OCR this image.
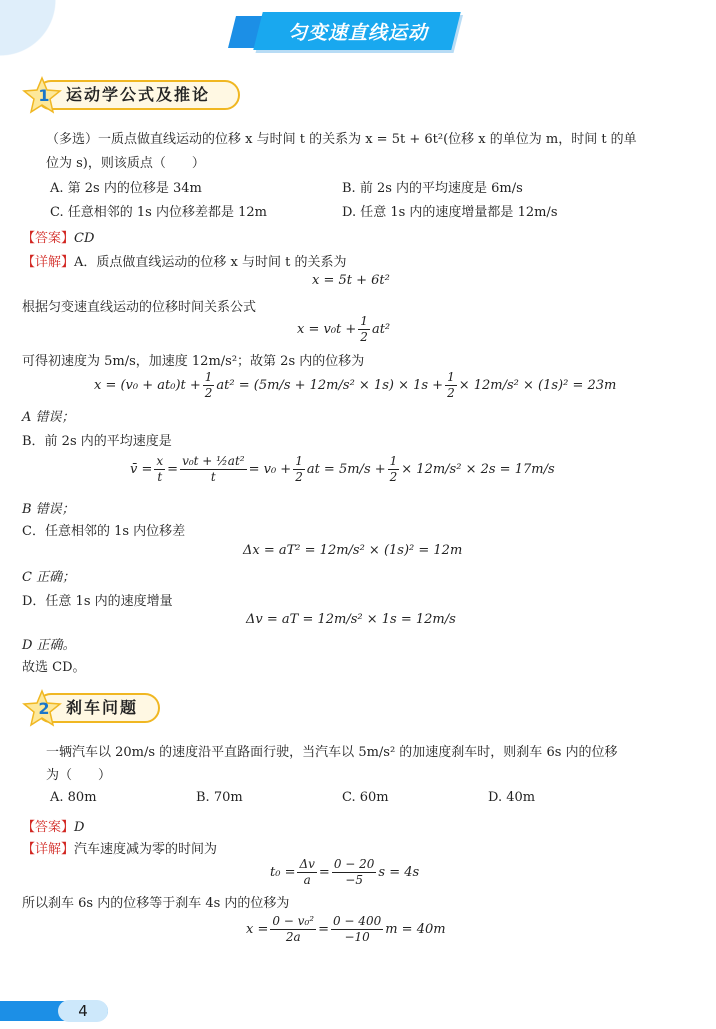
匀变速直线运动
1 运动学公式及推论
（多选）一质点做直线运动的位移 x 与时间 t 的关系为 x = 5t + 6t²(位移 x 的单位为 m，时间 t 的单
位为 s)，则该质点（　　）
A. 第 2s 内的位移是 34m	B. 前 2s 内的平均速度是 6m/s
C. 任意相邻的 1s 内位移差都是 12m	D. 任意 1s 内的速度增量都是 12m/s
【答案】CD
【详解】A．质点做直线运动的位移 x 与时间 t 的关系为
x = 5t + 6t²
根据匀变速直线运动的位移时间关系公式
$x = v_0t + \frac{1}{2} at^2$
可得初速度为 5m/s，加速度 12m/s²；故第 2s 内的位移为
$x = (v_0 + at_0)t + \frac{1}{2} at^2 = (5m/s + 12m/s^2 \times 1s) \times 1s + \frac{1}{2} \times 12m/s^2 \times (1s)^2 = 23m$
A 错误；
B．前 2s 内的平均速度是
v̄ = $\frac{x}{t} = \frac{\text{v₀t + ½at²}}{t} = v_0 + \frac{1}{2}$ at = $5m/s + \frac{1}{2} \times 12m/s^2 \times 2s = 17m/s$
B 错误；
C．任意相邻的 1s 内位移差
Δx = aT² = 12m/s² × (1s)² = 12m
C 正确；
D．任意 1s 内的速度增量
Δv = aT = 12m/s² × 1s = 12m/s
D 正确。
故选 CD。
2 刹车问题
一辆汽车以 20m/s 的速度沿平直路面行驶，当汽车以 5m/s² 的加速度刹车时，则刹车 6s 内的位移
为（　　）
A. 80m	B. 70m	C. 60m	D. 40m
【答案】D
【详解】汽车速度减为零的时间为
$t_0 = \frac{\Delta v}{a} = \frac{0 - 20}{-5}$ s = 4s
所以刹车 6s 内的位移等于刹车 4s 内的位移为
$x = \frac{\text{0 − v₀²}}{2a} = \frac{0 - 400}{-10}$ m = 40m
4
